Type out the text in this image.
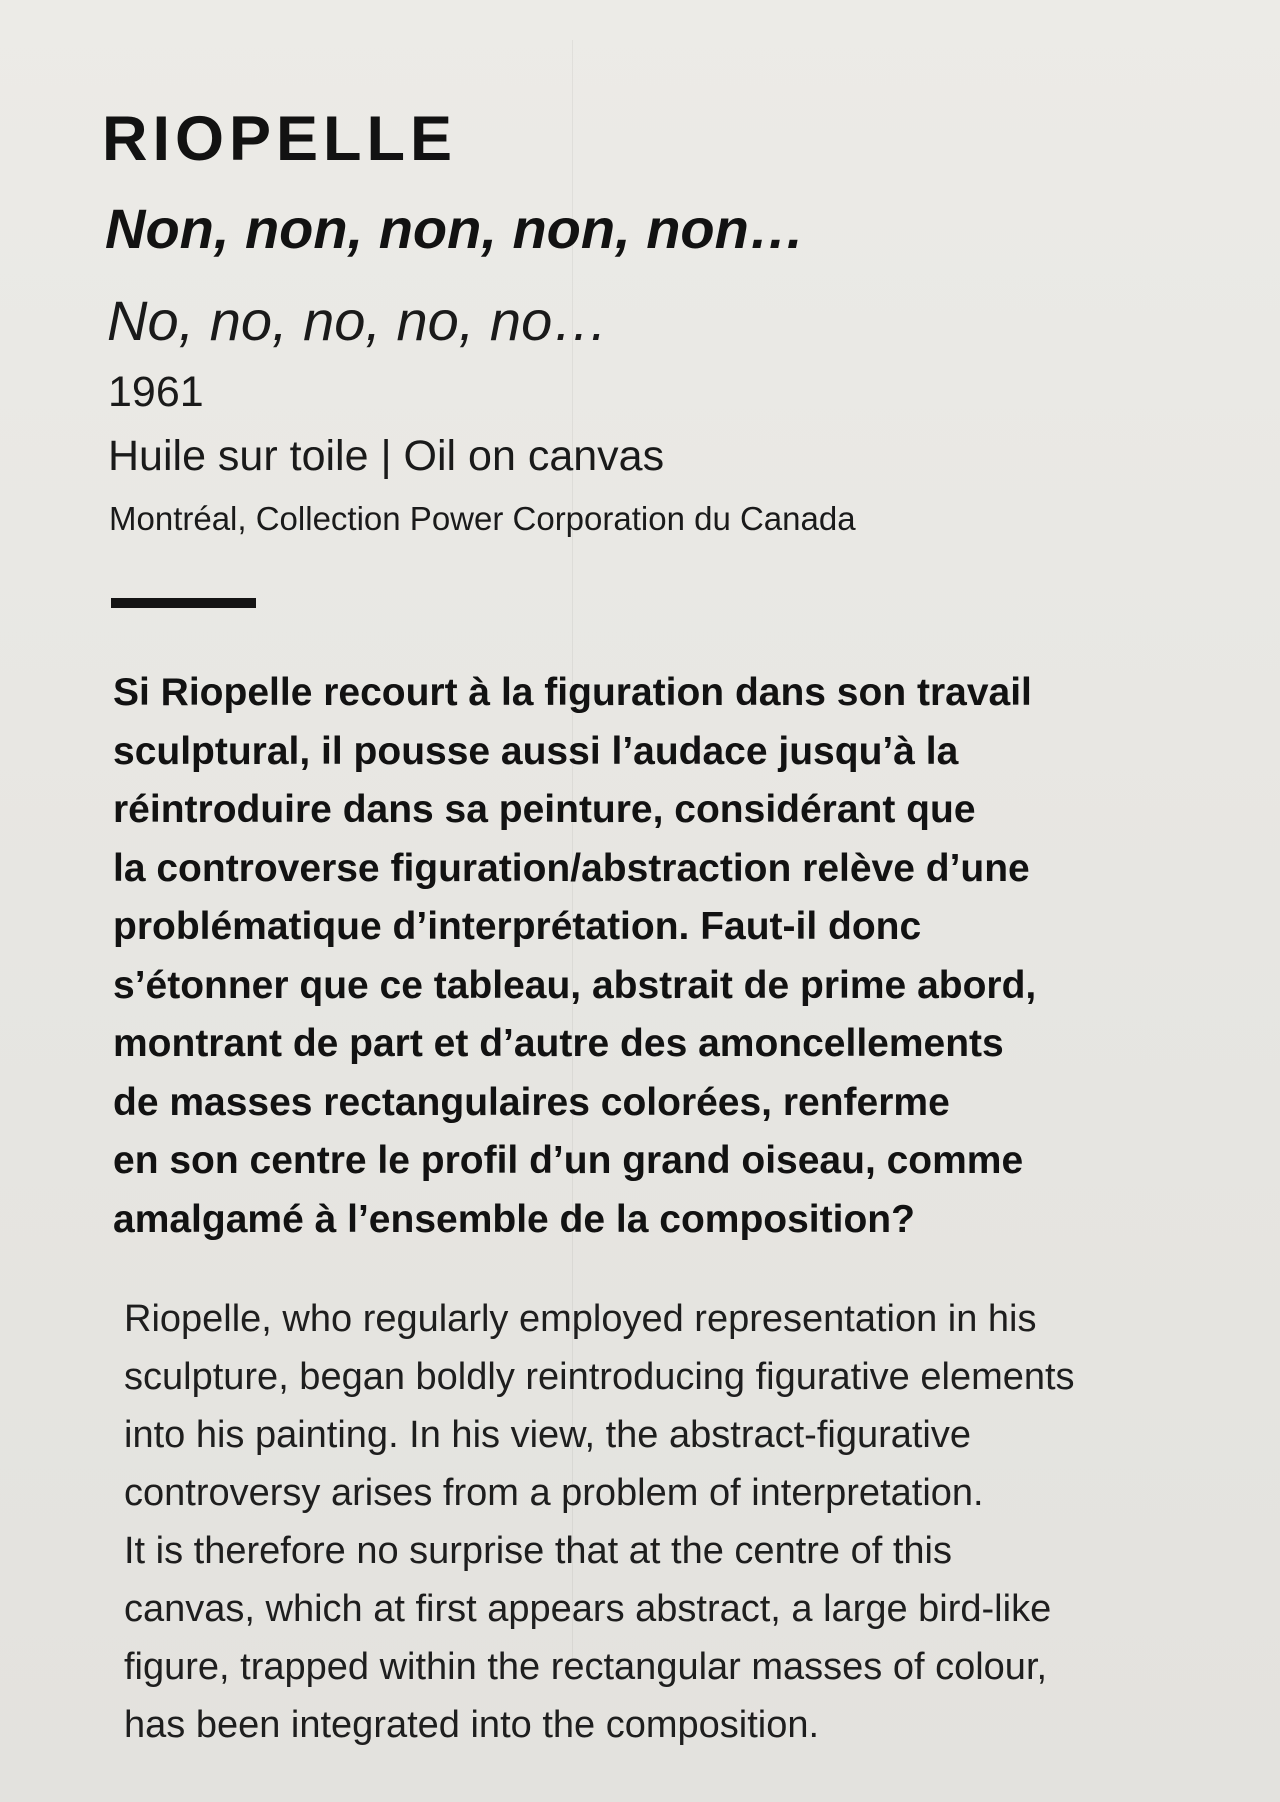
RIOPELLE
Non, non, non, non, non…
No, no, no, no, no…
1961
Huile sur toile | Oil on canvas
Montréal, Collection Power Corporation du Canada

Si Riopelle recourt à la figuration dans son travail
sculptural, il pousse aussi l’audace jusqu’à la
réintroduire dans sa peinture, considérant que
la controverse figuration/abstraction relève d’une
problématique d’interprétation. Faut-il donc
s’étonner que ce tableau, abstrait de prime abord,
montrant de part et d’autre des amoncellements
de masses rectangulaires colorées, renferme
en son centre le profil d’un grand oiseau, comme
amalgamé à l’ensemble de la composition?

Riopelle, who regularly employed representation in his
sculpture, began boldly reintroducing figurative elements
into his painting. In his view, the abstract-figurative
controversy arises from a problem of interpretation.
It is therefore no surprise that at the centre of this
canvas, which at first appears abstract, a large bird-like
figure, trapped within the rectangular masses of colour,
has been integrated into the composition.
